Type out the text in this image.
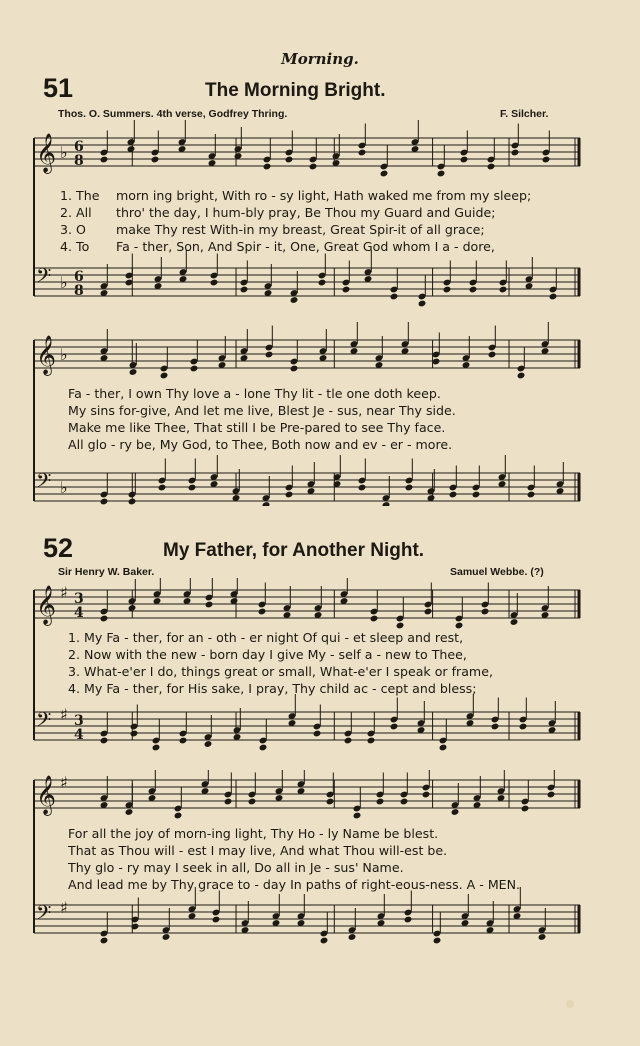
Morning.
51	The Morning Bright.
Thos. O. Summers. 4th verse, Godfrey Thring.	F. Silcher.
𝄞 ♭ 6
8
𝄢 ♭ 6
8
1. The morn ing bright, With ro - sy light, Hath waked me from my sleep;
2. All thro' the day, I hum-bly pray, Be Thou my Guard and Guide;
3. O make Thy rest With-in my breast, Great Spir-it of all grace;
4. To Fa - ther, Son, And Spir - it, One, Great God whom I a - dore,
𝄞 ♭
𝄢 ♭
Fa - ther, I own Thy love a - lone Thy lit - tle one doth keep.
My sins for-give, And let me live, Blest Je - sus, near Thy side.
Make me like Thee, That still I be Pre-pared to see Thy face.
All glo - ry be, My God, to Thee, Both now and ev - er - more.
52	My Father, for Another Night.
Sir Henry W. Baker.	Samuel Webbe. (?)
𝄞 ♯ 3
4
𝄢 ♯ 3
4
1. My Fa - ther, for an - oth - er night Of qui - et sleep and rest,
2. Now with the new - born day I give My - self a - new to Thee,
3. What-e'er I do, things great or small, What-e'er I speak or frame,
4. My Fa - ther, for His sake, I pray, Thy child ac - cept and bless;
𝄞 ♯
𝄢 ♯
For all the joy of morn-ing light, Thy Ho - ly Name be blest.
That as Thou will - est I may live, And what Thou will-est be.
Thy glo - ry may I seek in all, Do all in Je - sus' Name.
And lead me by Thy grace to - day In paths of right-eous-ness. A - MEN.
